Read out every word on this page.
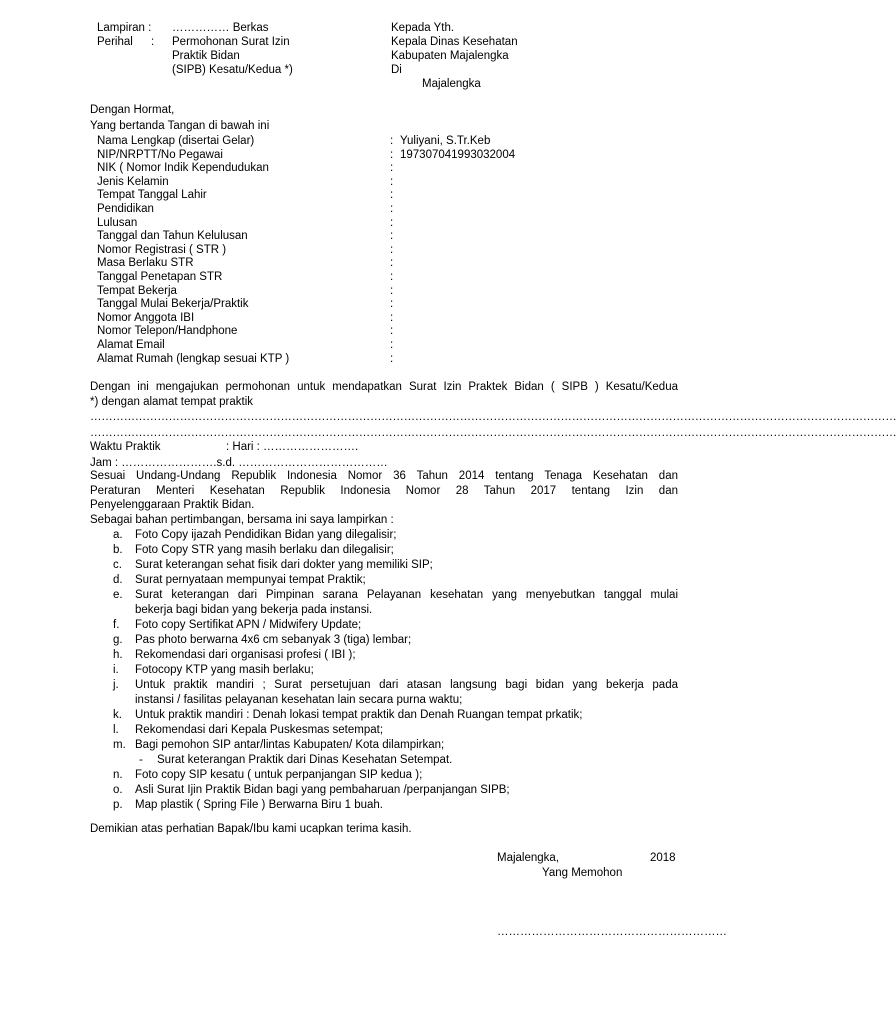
Lampiran : …………… Berkas
Perihal : Permohonan Surat Izin
Praktik Bidan
(SIPB) Kesatu/Kedua *)
Kepada Yth.
Kepala Dinas Kesehatan
Kabupaten Majalengka
Di
Majalengka
Dengan Hormat,
Yang bertanda Tangan di bawah ini
Nama Lengkap (disertai Gelar)	: Yuliyani, S.Tr.Keb
NIP/NRPTT/No Pegawai	: 197307041993032004
NIK ( Nomor Indik Kependudukan	:
Jenis Kelamin	:
Tempat Tanggal Lahir	:
Pendidikan	:
Lulusan	:
Tanggal dan Tahun Kelulusan	:
Nomor Registrasi ( STR )	:
Masa Berlaku STR	:
Tanggal Penetapan STR	:
Tempat Bekerja	:
Tanggal Mulai Bekerja/Praktik	:
Nomor Anggota IBI	:
Nomor Telepon/Handphone	:
Alamat Email	:
Alamat Rumah (lengkap sesuai KTP )	:
Dengan ini mengajukan permohonan untuk mendapatkan Surat Izin Praktek Bidan ( SIPB ) Kesatu/Kedua
*) dengan alamat tempat praktik
………………………………………………………………………………………………………………………………………………………………………………………………
………………………………………………………………………………………………………………………………………………………………………………………………
Waktu Praktik	: Hari : …………………….
Jam : …………………….s.d. …………………………………
Sesuai Undang-Undang Republik Indonesia Nomor 36 Tahun 2014 tentang Tenaga Kesehatan dan
Peraturan Menteri Kesehatan Republik Indonesia Nomor 28 Tahun 2017 tentang Izin dan
Penyelenggaraan Praktik Bidan.
Sebagai bahan pertimbangan, bersama ini saya lampirkan :
a. Foto Copy ijazah Pendidikan Bidan yang dilegalisir;
b. Foto Copy STR yang masih berlaku dan dilegalisir;
c. Surat keterangan sehat fisik dari dokter yang memiliki SIP;
d. Surat pernyataan mempunyai tempat Praktik;
e. Surat keterangan dari Pimpinan sarana Pelayanan kesehatan yang menyebutkan tanggal mulai
bekerja bagi bidan yang bekerja pada instansi.
f. Foto copy Sertifikat APN / Midwifery Update;
g. Pas photo berwarna 4x6 cm sebanyak 3 (tiga) lembar;
h. Rekomendasi dari organisasi profesi ( IBI );
i. Fotocopy KTP yang masih berlaku;
j. Untuk praktik mandiri ; Surat persetujuan dari atasan langsung bagi bidan yang bekerja pada
instansi / fasilitas pelayanan kesehatan lain secara purna waktu;
k. Untuk praktik mandiri : Denah lokasi tempat praktik dan Denah Ruangan tempat prkatik;
l. Rekomendasi dari Kepala Puskesmas setempat;
m. Bagi pemohon SIP antar/lintas Kabupaten/ Kota dilampirkan;
- Surat keterangan Praktik dari Dinas Kesehatan Setempat.
n. Foto copy SIP kesatu ( untuk perpanjangan SIP kedua );
o. Asli Surat Ijin Praktik Bidan bagi yang pembaharuan /perpanjangan SIPB;
p. Map plastik ( Spring File ) Berwarna Biru 1 buah.
Demikian atas perhatian Bapak/Ibu kami ucapkan terima kasih.
Majalengka,	2018
Yang Memohon
……………………………………………………
